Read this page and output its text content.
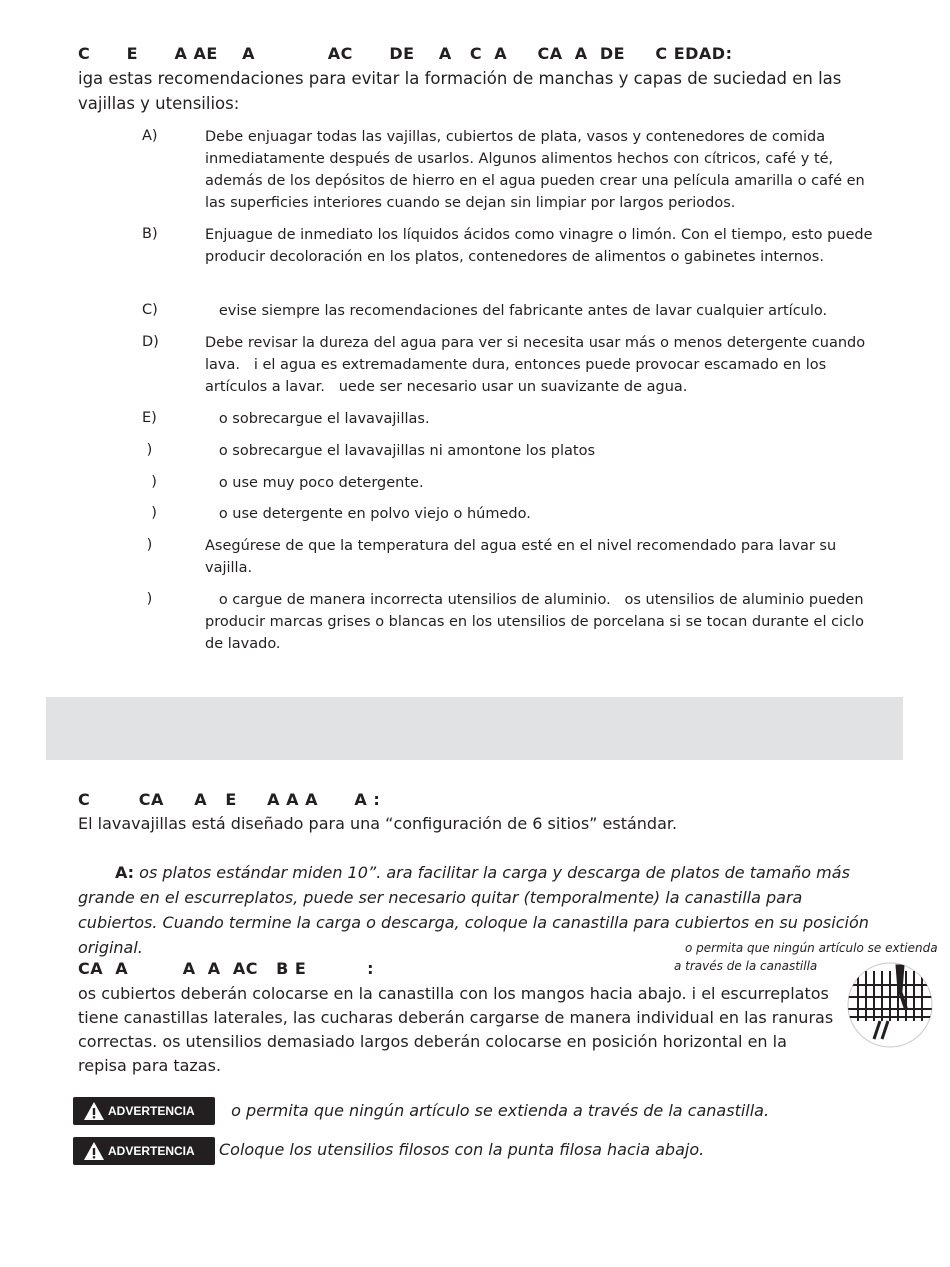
C      E      A AE    A            AC      DE    A   C  A     CA  A  DE     C EDAD:
iga estas recomendaciones para evitar la formación de manchas y capas de suciedad en las vajillas y utensilios:
A)	Debe enjuagar todas las vajillas, cubiertos de plata, vasos y contenedores de comida inmediatamente después de usarlos. Algunos alimentos hechos con cítricos, café y té, además de los depósitos de hierro en el agua pueden crear una película amarilla o café en las superficies interiores cuando se dejan sin limpiar por largos periodos.
B)	Enjuague de inmediato los líquidos ácidos como vinagre o limón. Con el tiempo, esto puede producir decoloración en los platos, contenedores de alimentos o gabinetes internos.
C)	evise siempre las recomendaciones del fabricante antes de lavar cualquier artículo.
D)	Debe revisar la dureza del agua para ver si necesita usar más o menos detergente cuando lava.   i el agua es extremadamente dura, entonces puede provocar escamado en los artículos a lavar.   uede ser necesario usar un suavizante de agua.
E)	o sobrecargue el lavavajillas.
)	o sobrecargue el lavavajillas ni amontone los platos
)	o use muy poco detergente.
)	o use detergente en polvo viejo o húmedo.
)	Asegúrese de que la temperatura del agua esté en el nivel recomendado para lavar su vajilla.
)	o cargue de manera incorrecta utensilios de aluminio.   os utensilios de aluminio pueden producir marcas grises o blancas en los utensilios de porcelana si se tocan durante el ciclo de lavado.
C        CA     A   E     A A A      A :
El lavavajillas está diseñado para una “configuración de 6 sitios” estándar.
A: os platos estándar miden 10”. ara facilitar la carga y descarga de platos de tamaño más grande en el escurreplatos, puede ser necesario quitar (temporalmente) la canastilla para cubiertos. Cuando termine la carga o descarga, coloque la canastilla para cubiertos en su posición original.
CA  A         A  A  AC   B E          :
os cubiertos deberán colocarse en la canastilla con los mangos hacia abajo. i el escurreplatos tiene canastillas laterales, las cucharas deberán cargarse de manera individual en las ranuras correctas. os utensilios demasiado largos deberán colocarse en posición horizontal en la repisa para tazas.
o permita que ningún artículo se extienda
a través de la canastilla
ADVERTENCIA o permita que ningún artículo se extienda a través de la canastilla.
ADVERTENCIA Coloque los utensilios filosos con la punta filosa hacia abajo.
